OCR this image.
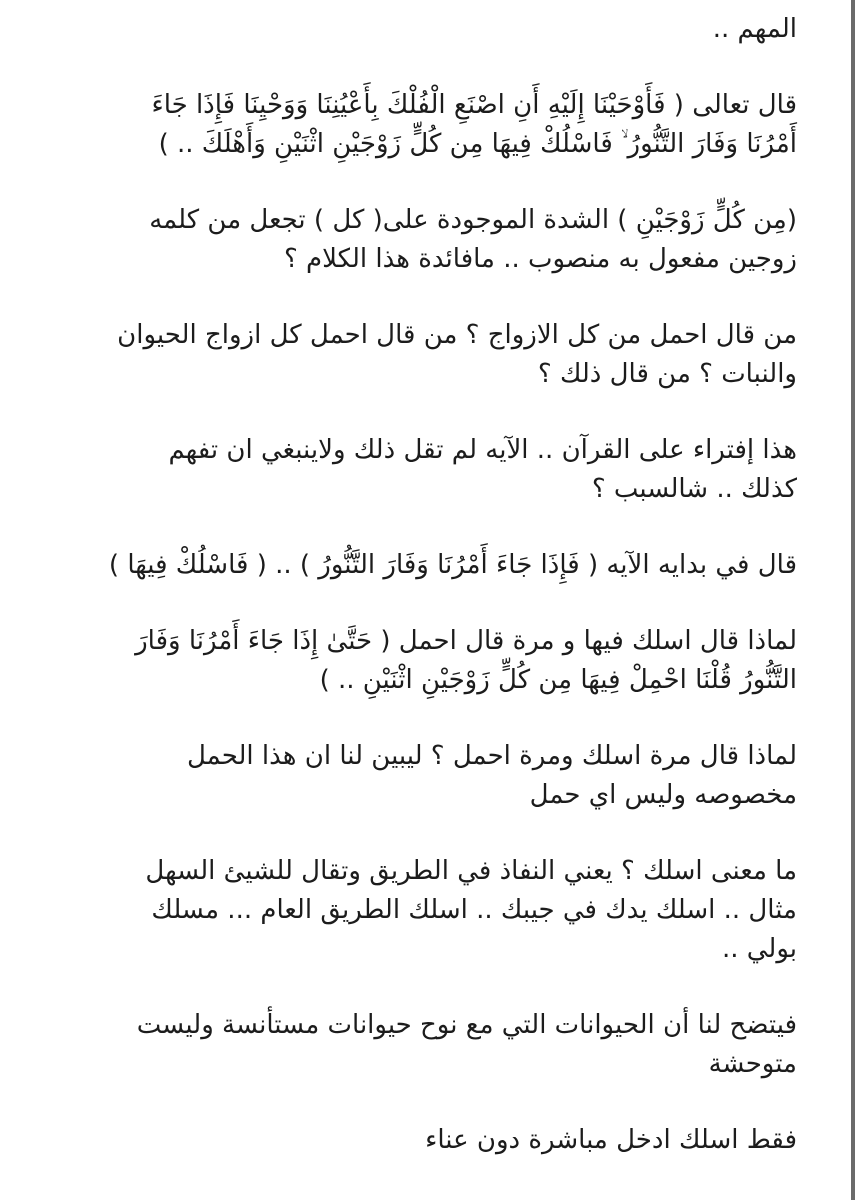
المهم ..

قال تعالى ( فَأَوْحَيْنَا إِلَيْهِ أَنِ اصْنَعِ الْفُلْكَ بِأَعْيُنِنَا وَوَحْيِنَا فَإِذَا جَاءَ
أَمْرُنَا وَفَارَ التَّنُّورُ ۙ فَاسْلُكْ فِيهَا مِن كُلٍّ زَوْجَيْنِ اثْنَيْنِ وَأَهْلَكَ .. )

(مِن كُلٍّ زَوْجَيْنِ ) الشدة الموجودة على( كل ) تجعل من كلمه
زوجين مفعول به منصوب .. مافائدة هذا الكلام ؟

من قال احمل من كل الازواج ؟ من قال احمل كل ازواج الحيوان
والنبات ؟ من قال ذلك ؟

هذا إفتراء على القرآن .. الآيه لم تقل ذلك ولاينبغي ان تفهم
كذلك .. شالسبب ؟

قال في بدايه الآيه ( فَإِذَا جَاءَ أَمْرُنَا وَفَارَ التَّنُّورُ ) .. ( فَاسْلُكْ فِيهَا )

لماذا قال اسلك فيها و مرة قال احمل ( حَتَّىٰ إِذَا جَاءَ أَمْرُنَا وَفَارَ
التَّنُّورُ قُلْنَا احْمِلْ فِيهَا مِن كُلٍّ زَوْجَيْنِ اثْنَيْنِ .. )

لماذا قال مرة اسلك ومرة احمل ؟ ليبين لنا ان هذا الحمل
مخصوصه وليس اي حمل

ما معنى اسلك ؟ يعني النفاذ في الطريق وتقال للشيئ السهل
مثال .. اسلك يدك في جيبك .. اسلك الطريق العام ... مسلك
بولي ..

فيتضح لنا أن الحيوانات التي مع نوح حيوانات مستأنسة وليست
متوحشة

فقط اسلك ادخل مباشرة دون عناء
